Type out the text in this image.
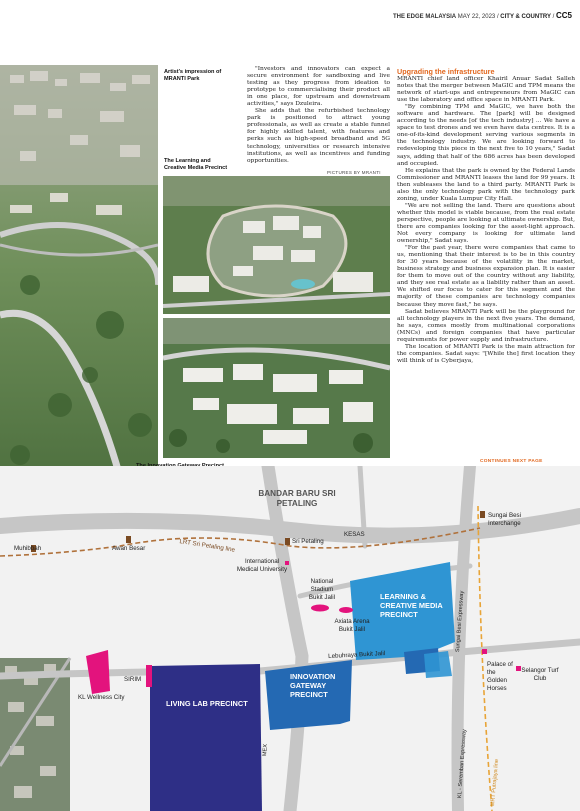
THE EDGE MALAYSIA MAY 22, 2023 / CITY & COUNTRY / CC5
Artist's impression of MRANTI Park
The Learning and Creative Media Precinct
PICTURES BY MRANTI

"Investors and innovators can expect a secure environment for sandboxing and live testing as they progress from ideation to prototype to commercialising their product all in one place, for upstream and downstream activities," says Dzuleira.

She adds that the refurbished technology park is positioned to attract young professionals, as well as create a stable funnel for highly skilled talent, with features and perks such as high-speed broadband and 5G technology, universities or research intensive institutions, as well as incentives and funding opportunities.

Upgrading the infrastructure

MRANTI chief land officer Khairil Anuar Sadat Salleh notes that the merger between MaGIC and TPM means the network of start-ups and entrepreneurs from MaGIC can use the laboratory and office space in MRANTI Park.

"By combining TPM and MaGIC, we have both the software and hardware. The [park] will be designed according to the needs [of the tech industry] ... We have a space to test drones and we even have data centres. It is a one-of-its-kind development serving various segments in the technology industry. We are looking forward to redeveloping this piece in the next five to 10 years," Sadat says, adding that half of the 686 acres has been developed and occupied.

He explains that the park is owned by the Federal Lands Commissioner and MRANTI leases the land for 99 years. It then subleases the land to a third party. MRANTI Park is also the only technology park with the technology park zoning, under Kuala Lumpur City Hall.

"We are not selling the land. There are questions about whether this model is viable because, from the real estate perspective, people are looking at ultimate ownership. But, there are companies looking for the asset-light approach. Not every company is looking for ultimate land ownership," Sadat says.

"For the past year, there were companies that came to us, mentioning that their interest is to be in this country for 30 years because of the volatility in the market, business strategy and business expansion plan. It is easier for them to move out of the country without any liability, and they see real estate as a liability rather than an asset. We shifted our focus to cater for this segment and the majority of these companies are technology companies because they move fast," he says.

Sadat believes MRANTI Park will be the playground for all technology players in the next five years. The demand, he says, comes mostly from multinational corporations (MNCs) and foreign companies that have particular requirements for power supply and infrastructure.

The location of MRANTI Park is the main attraction for the companies. Sadat says: "[While the] first location they will think of is Cyberjaya,

CONTINUES NEXT PAGE
BANDAR BARU SRI PETALING
Sungai Besi Interchange
Muhibbah	Awan Besar	LRT Sri Petaling line	Sri Petaling
KESAS
International Medical University
National Stadium Bukit Jalil
Axiata Arena Bukit Jalil
LEARNING & CREATIVE MEDIA PRECINCT	Sungai Besi Expressway
Lebuhraya Bukit Jalil
Selangor Turf Club
SIRIM
KL Wellness City
LIVING LAB PRECINCT
INNOVATION GATEWAY PRECINCT
MEX	KL - Seremban Expressway	MRT Putrajaya line
Palace of the Golden Horses
